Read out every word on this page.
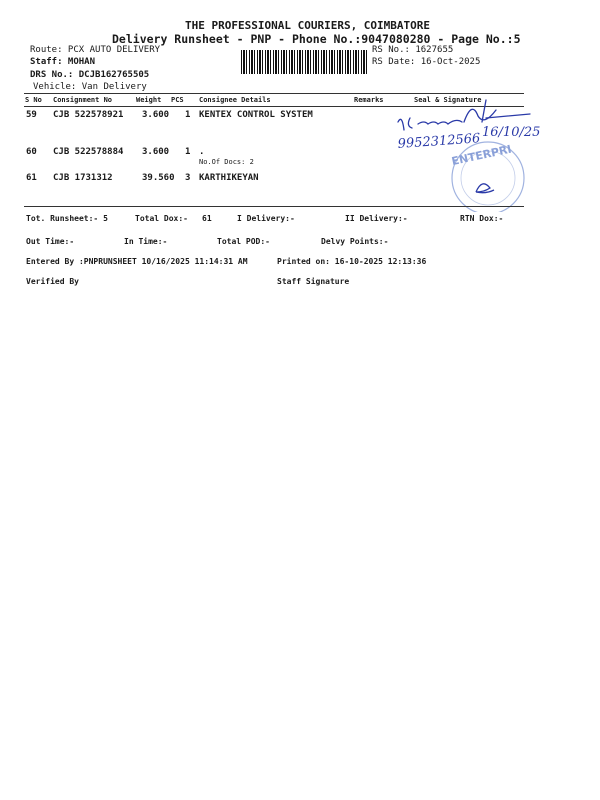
THE PROFESSIONAL COURIERS, COIMBATORE
Delivery Runsheet - PNP - Phone No.:9047080280 - Page No.:5
Route: PCX AUTO DELIVERY
Staff: MOHAN
DRS No.: DCJB162765505
Vehicle: Van Delivery
RS No.: 1627655
RS Date: 16-Oct-2025
S No Consignment No	Weight PCS Consignee Details	Remarks	Seal & Signature
59 CJB 522578921 3.600 1 KENTEX CONTROL SYSTEM
60 CJB 522578884 3.600 1 .
No.Of Docs: 2
61 CJB 1731312	39.560 3 KARTHIKEYAN
16/10/25
9952312566
ENTERPRI
Tot. Runsheet:- 5	Total Dox:- 61	I Delivery:-	II Delivery:-	RTN Dox:-
Out Time:-	In Time:-	Total POD:-	Delvy Points:-
Entered By :PNPRUNSHEET 10/16/2025 11:14:31 AM	Printed on: 16-10-2025 12:13:36
Verified By	Staff Signature
